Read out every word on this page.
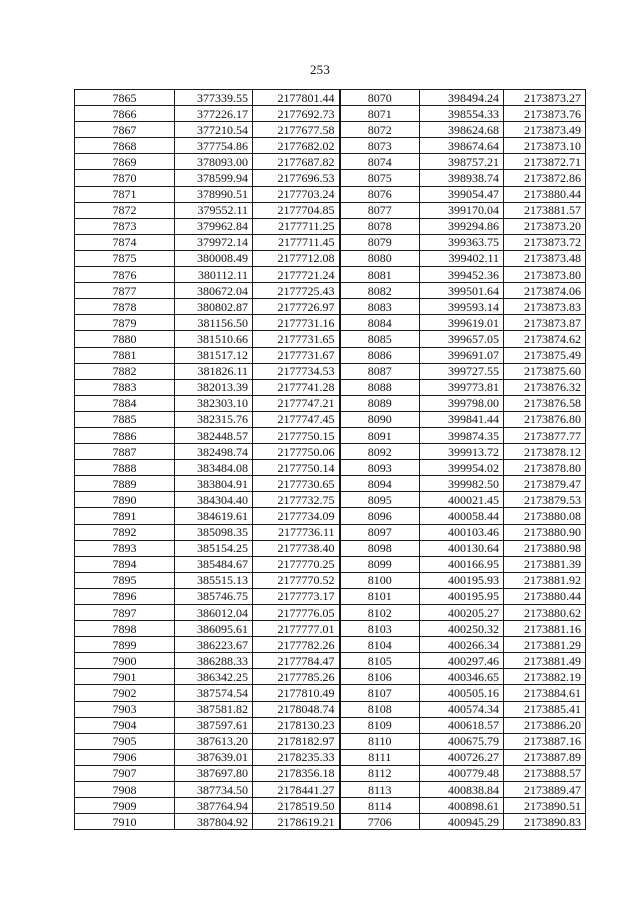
253
7865	377339.55	2177801.44	8070	398494.24	2173873.27
7866	377226.17	2177692.73	8071	398554.33	2173873.76
7867	377210.54	2177677.58	8072	398624.68	2173873.49
7868	377754.86	2177682.02	8073	398674.64	2173873.10
7869	378093.00	2177687.82	8074	398757.21	2173872.71
7870	378599.94	2177696.53	8075	398938.74	2173872.86
7871	378990.51	2177703.24	8076	399054.47	2173880.44
7872	379552.11	2177704.85	8077	399170.04	2173881.57
7873	379962.84	2177711.25	8078	399294.86	2173873.20
7874	379972.14	2177711.45	8079	399363.75	2173873.72
7875	380008.49	2177712.08	8080	399402.11	2173873.48
7876	380112.11	2177721.24	8081	399452.36	2173873.80
7877	380672.04	2177725.43	8082	399501.64	2173874.06
7878	380802.87	2177726.97	8083	399593.14	2173873.83
7879	381156.50	2177731.16	8084	399619.01	2173873.87
7880	381510.66	2177731.65	8085	399657.05	2173874.62
7881	381517.12	2177731.67	8086	399691.07	2173875.49
7882	381826.11	2177734.53	8087	399727.55	2173875.60
7883	382013.39	2177741.28	8088	399773.81	2173876.32
7884	382303.10	2177747.21	8089	399798.00	2173876.58
7885	382315.76	2177747.45	8090	399841.44	2173876.80
7886	382448.57	2177750.15	8091	399874.35	2173877.77
7887	382498.74	2177750.06	8092	399913.72	2173878.12
7888	383484.08	2177750.14	8093	399954.02	2173878.80
7889	383804.91	2177730.65	8094	399982.50	2173879.47
7890	384304.40	2177732.75	8095	400021.45	2173879.53
7891	384619.61	2177734.09	8096	400058.44	2173880.08
7892	385098.35	2177736.11	8097	400103.46	2173880.90
7893	385154.25	2177738.40	8098	400130.64	2173880.98
7894	385484.67	2177770.25	8099	400166.95	2173881.39
7895	385515.13	2177770.52	8100	400195.93	2173881.92
7896	385746.75	2177773.17	8101	400195.95	2173880.44
7897	386012.04	2177776.05	8102	400205.27	2173880.62
7898	386095.61	2177777.01	8103	400250.32	2173881.16
7899	386223.67	2177782.26	8104	400266.34	2173881.29
7900	386288.33	2177784.47	8105	400297.46	2173881.49
7901	386342.25	2177785.26	8106	400346.65	2173882.19
7902	387574.54	2177810.49	8107	400505.16	2173884.61
7903	387581.82	2178048.74	8108	400574.34	2173885.41
7904	387597.61	2178130.23	8109	400618.57	2173886.20
7905	387613.20	2178182.97	8110	400675.79	2173887.16
7906	387639.01	2178235.33	8111	400726.27	2173887.89
7907	387697.80	2178356.18	8112	400779.48	2173888.57
7908	387734.50	2178441.27	8113	400838.84	2173889.47
7909	387764.94	2178519.50	8114	400898.61	2173890.51
7910	387804.92	2178619.21	7706	400945.29	2173890.83
